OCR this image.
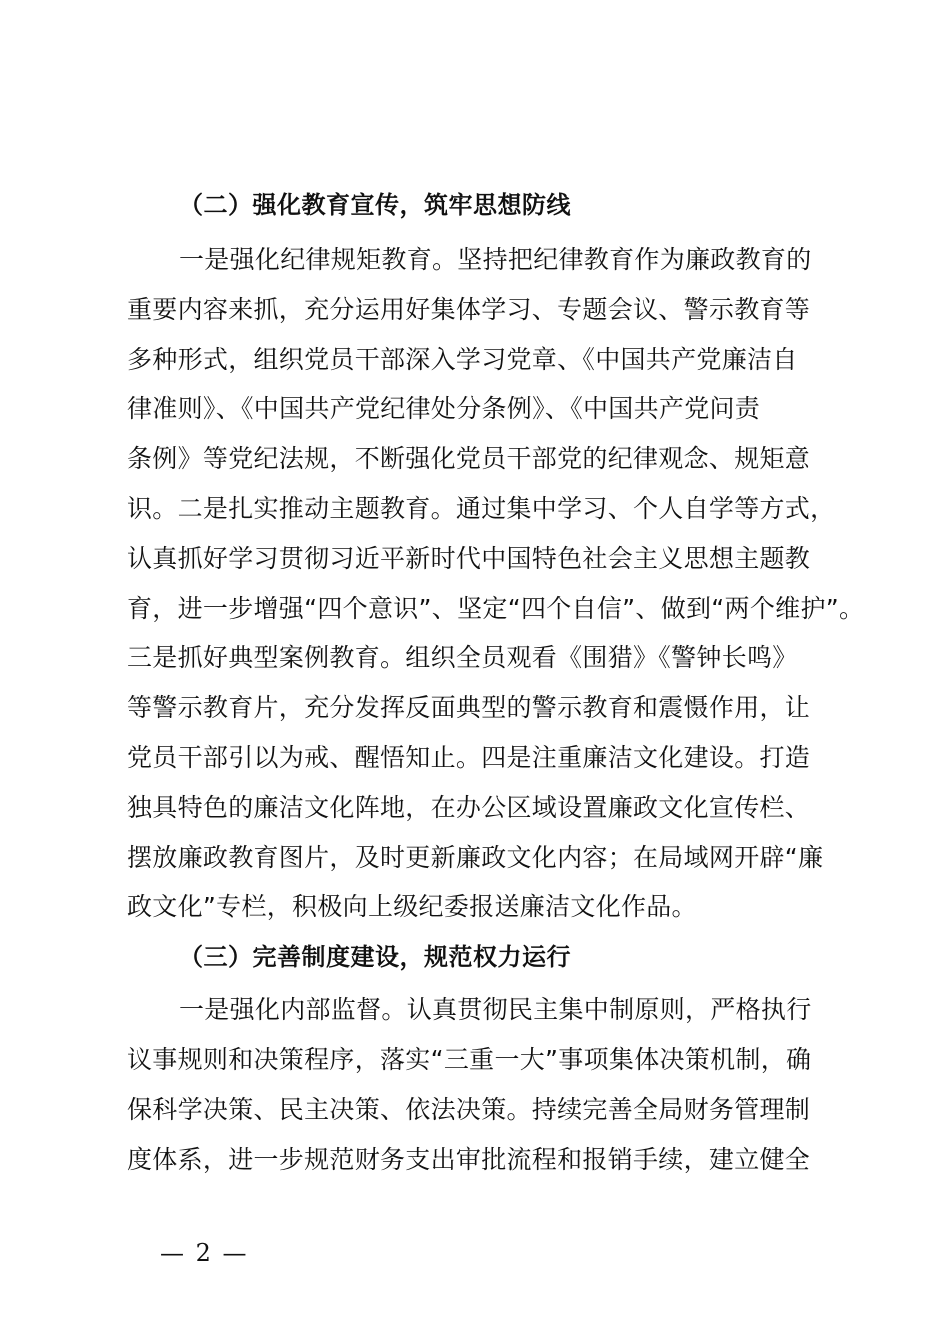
（二）强化教育宣传，筑牢思想防线
一是强化纪律规矩教育。坚持把纪律教育作为廉政教育的
重要内容来抓，充分运用好集体学习、专题会议、警示教育等
多种形式，组织党员干部深入学习党章、《中国共产党廉洁自
律准则》、《中国共产党纪律处分条例》、《中国共产党问责
条例》等党纪法规，不断强化党员干部党的纪律观念、规矩意
识。二是扎实推动主题教育。通过集中学习、个人自学等方式，
认真抓好学习贯彻习近平新时代中国特色社会主义思想主题教
育，进一步增强“四个意识”、坚定“四个自信”、做到“两个维护”。
三是抓好典型案例教育。组织全员观看《围猎》《警钟长鸣》
等警示教育片，充分发挥反面典型的警示教育和震慑作用，让
党员干部引以为戒、醒悟知止。四是注重廉洁文化建设。打造
独具特色的廉洁文化阵地，在办公区域设置廉政文化宣传栏、
摆放廉政教育图片，及时更新廉政文化内容；在局域网开辟“廉
政文化”专栏，积极向上级纪委报送廉洁文化作品。
（三）完善制度建设，规范权力运行
一是强化内部监督。认真贯彻民主集中制原则，严格执行
议事规则和决策程序，落实“三重一大”事项集体决策机制，确
保科学决策、民主决策、依法决策。持续完善全局财务管理制
度体系，进一步规范财务支出审批流程和报销手续，建立健全
— 2 —
